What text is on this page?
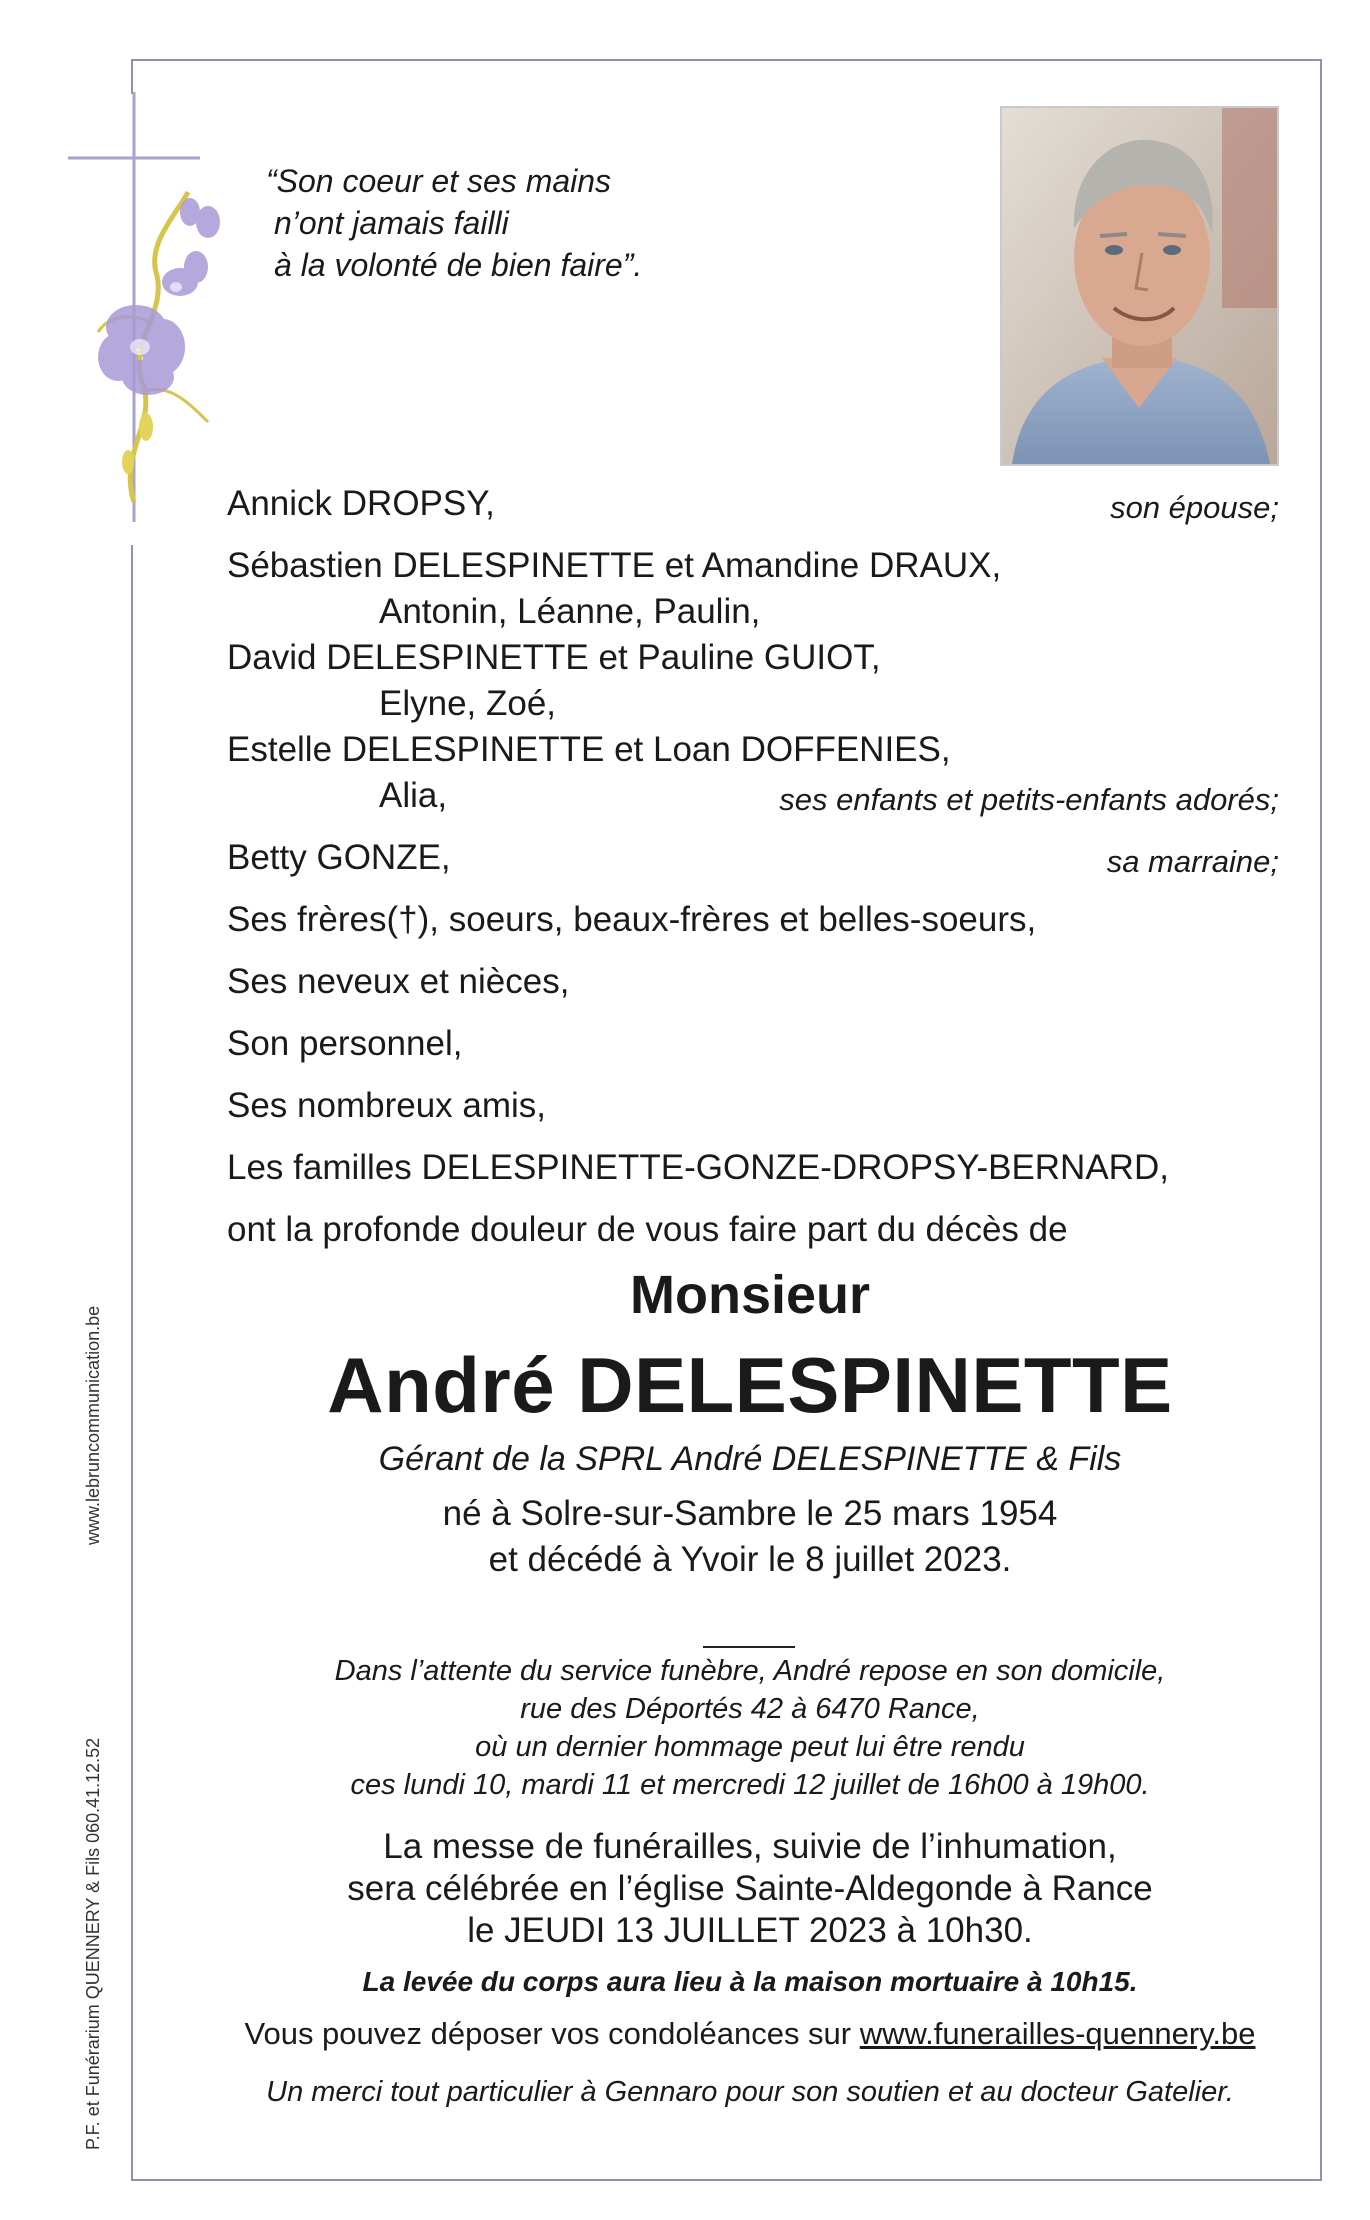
“Son coeur et ses mains
n’ont jamais failli
à la volonté de bien faire”.
Annick DROPSY,	son épouse;
Sébastien DELESPINETTE et Amandine DRAUX,
Antonin, Léanne, Paulin,
David DELESPINETTE et Pauline GUIOT,
Elyne, Zoé,
Estelle DELESPINETTE et Loan DOFFENIES,
Alia,	ses enfants et petits-enfants adorés;
Betty GONZE,	sa marraine;
Ses frères(†), soeurs, beaux-frères et belles-soeurs,
Ses neveux et nièces,
Son personnel,
Ses nombreux amis,
Les familles DELESPINETTE-GONZE-DROPSY-BERNARD,
ont la profonde douleur de vous faire part du décès de
Monsieur
André DELESPINETTE
Gérant de la SPRL André DELESPINETTE & Fils
né à Solre-sur-Sambre le 25 mars 1954
et décédé à Yvoir le 8 juillet 2023.
Dans l’attente du service funèbre, André repose en son domicile,
rue des Déportés 42 à 6470 Rance,
où un dernier hommage peut lui être rendu
ces lundi 10, mardi 11 et mercredi 12 juillet de 16h00 à 19h00.
La messe de funérailles, suivie de l’inhumation,
sera célébrée en l’église Sainte-Aldegonde à Rance
le JEUDI 13 JUILLET 2023 à 10h30.
La levée du corps aura lieu à la maison mortuaire à 10h15.
Vous pouvez déposer vos condoléances sur www.funerailles-quennery.be
Un merci tout particulier à Gennaro pour son soutien et au docteur Gatelier.
www.lebruncommunication.be
P.F. et Funérarium QUENNERY & Fils 060.41.12.52
